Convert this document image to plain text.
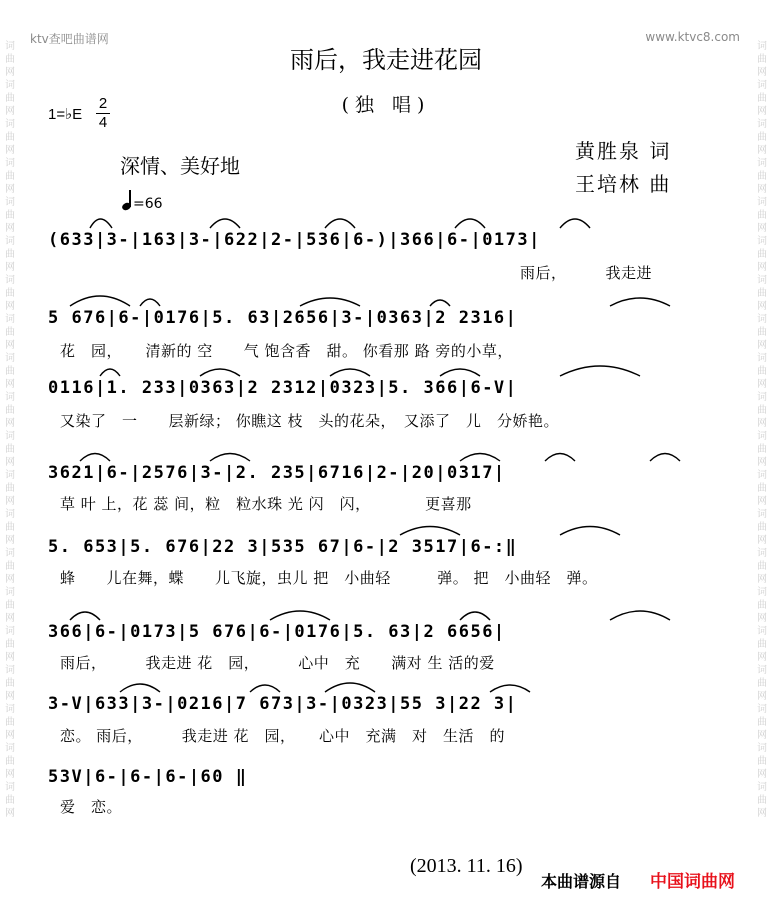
词曲网词曲网词曲网词曲网词曲网词曲网词曲网词曲网词曲网词曲网词曲网词曲网词曲网词曲网词曲网词曲网词曲网词曲网词曲网词曲网
词曲网词曲网词曲网词曲网词曲网词曲网词曲网词曲网词曲网词曲网词曲网词曲网词曲网词曲网词曲网词曲网词曲网词曲网词曲网词曲网
ktv查吧曲谱网	www.ktvc8.com
雨后，我走进花园
(独 唱)
1=♭E
2
4
深情、美好地
黄胜泉 词
王培林 曲
=66
(633|3-|163|3-|622|2-|536|6-)|366|6-|0173|
雨后，　　　我走进
5 676|6-|0176|5. 63|2656|3-|0363|2 2316|
花　园，　　清新的 空　　气 饱含香　甜。 你看那 路 旁的小草，
0116|1. 233|0363|2 2312|0323|5. 366|6-V|
又染了　一　　层新绿； 你瞧这 枝　头的花朵，　又添了　儿　分娇艳。
3621|6-|2576|3-|2. 235|6716|2-|20|0317|
草 叶 上，花 蕊 间，粒　粒水珠 光 闪　闪，　　　　更喜那
5. 653|5. 676|22 3|535 67|6-|2 3517|6-:‖
蜂　　儿在舞，蝶　　儿飞旋，虫儿 把　小曲轻　　　弹。 把　小曲轻　弹。
366|6-|0173|5 676|6-|0176|5. 63|2 6656|
雨后，　　　我走进 花　园，　　　心中　充　　满对 生 活的爱
3-V|633|3-|0216|7 673|3-|0323|55 3|22 3|
恋。 雨后，　　　我走进 花　园，　　心中　充满　对　生活　的
53V|6-|6-|6-|60 ‖
爱　恋。
(2013. 11. 16)
本曲谱源自 中国词曲网
